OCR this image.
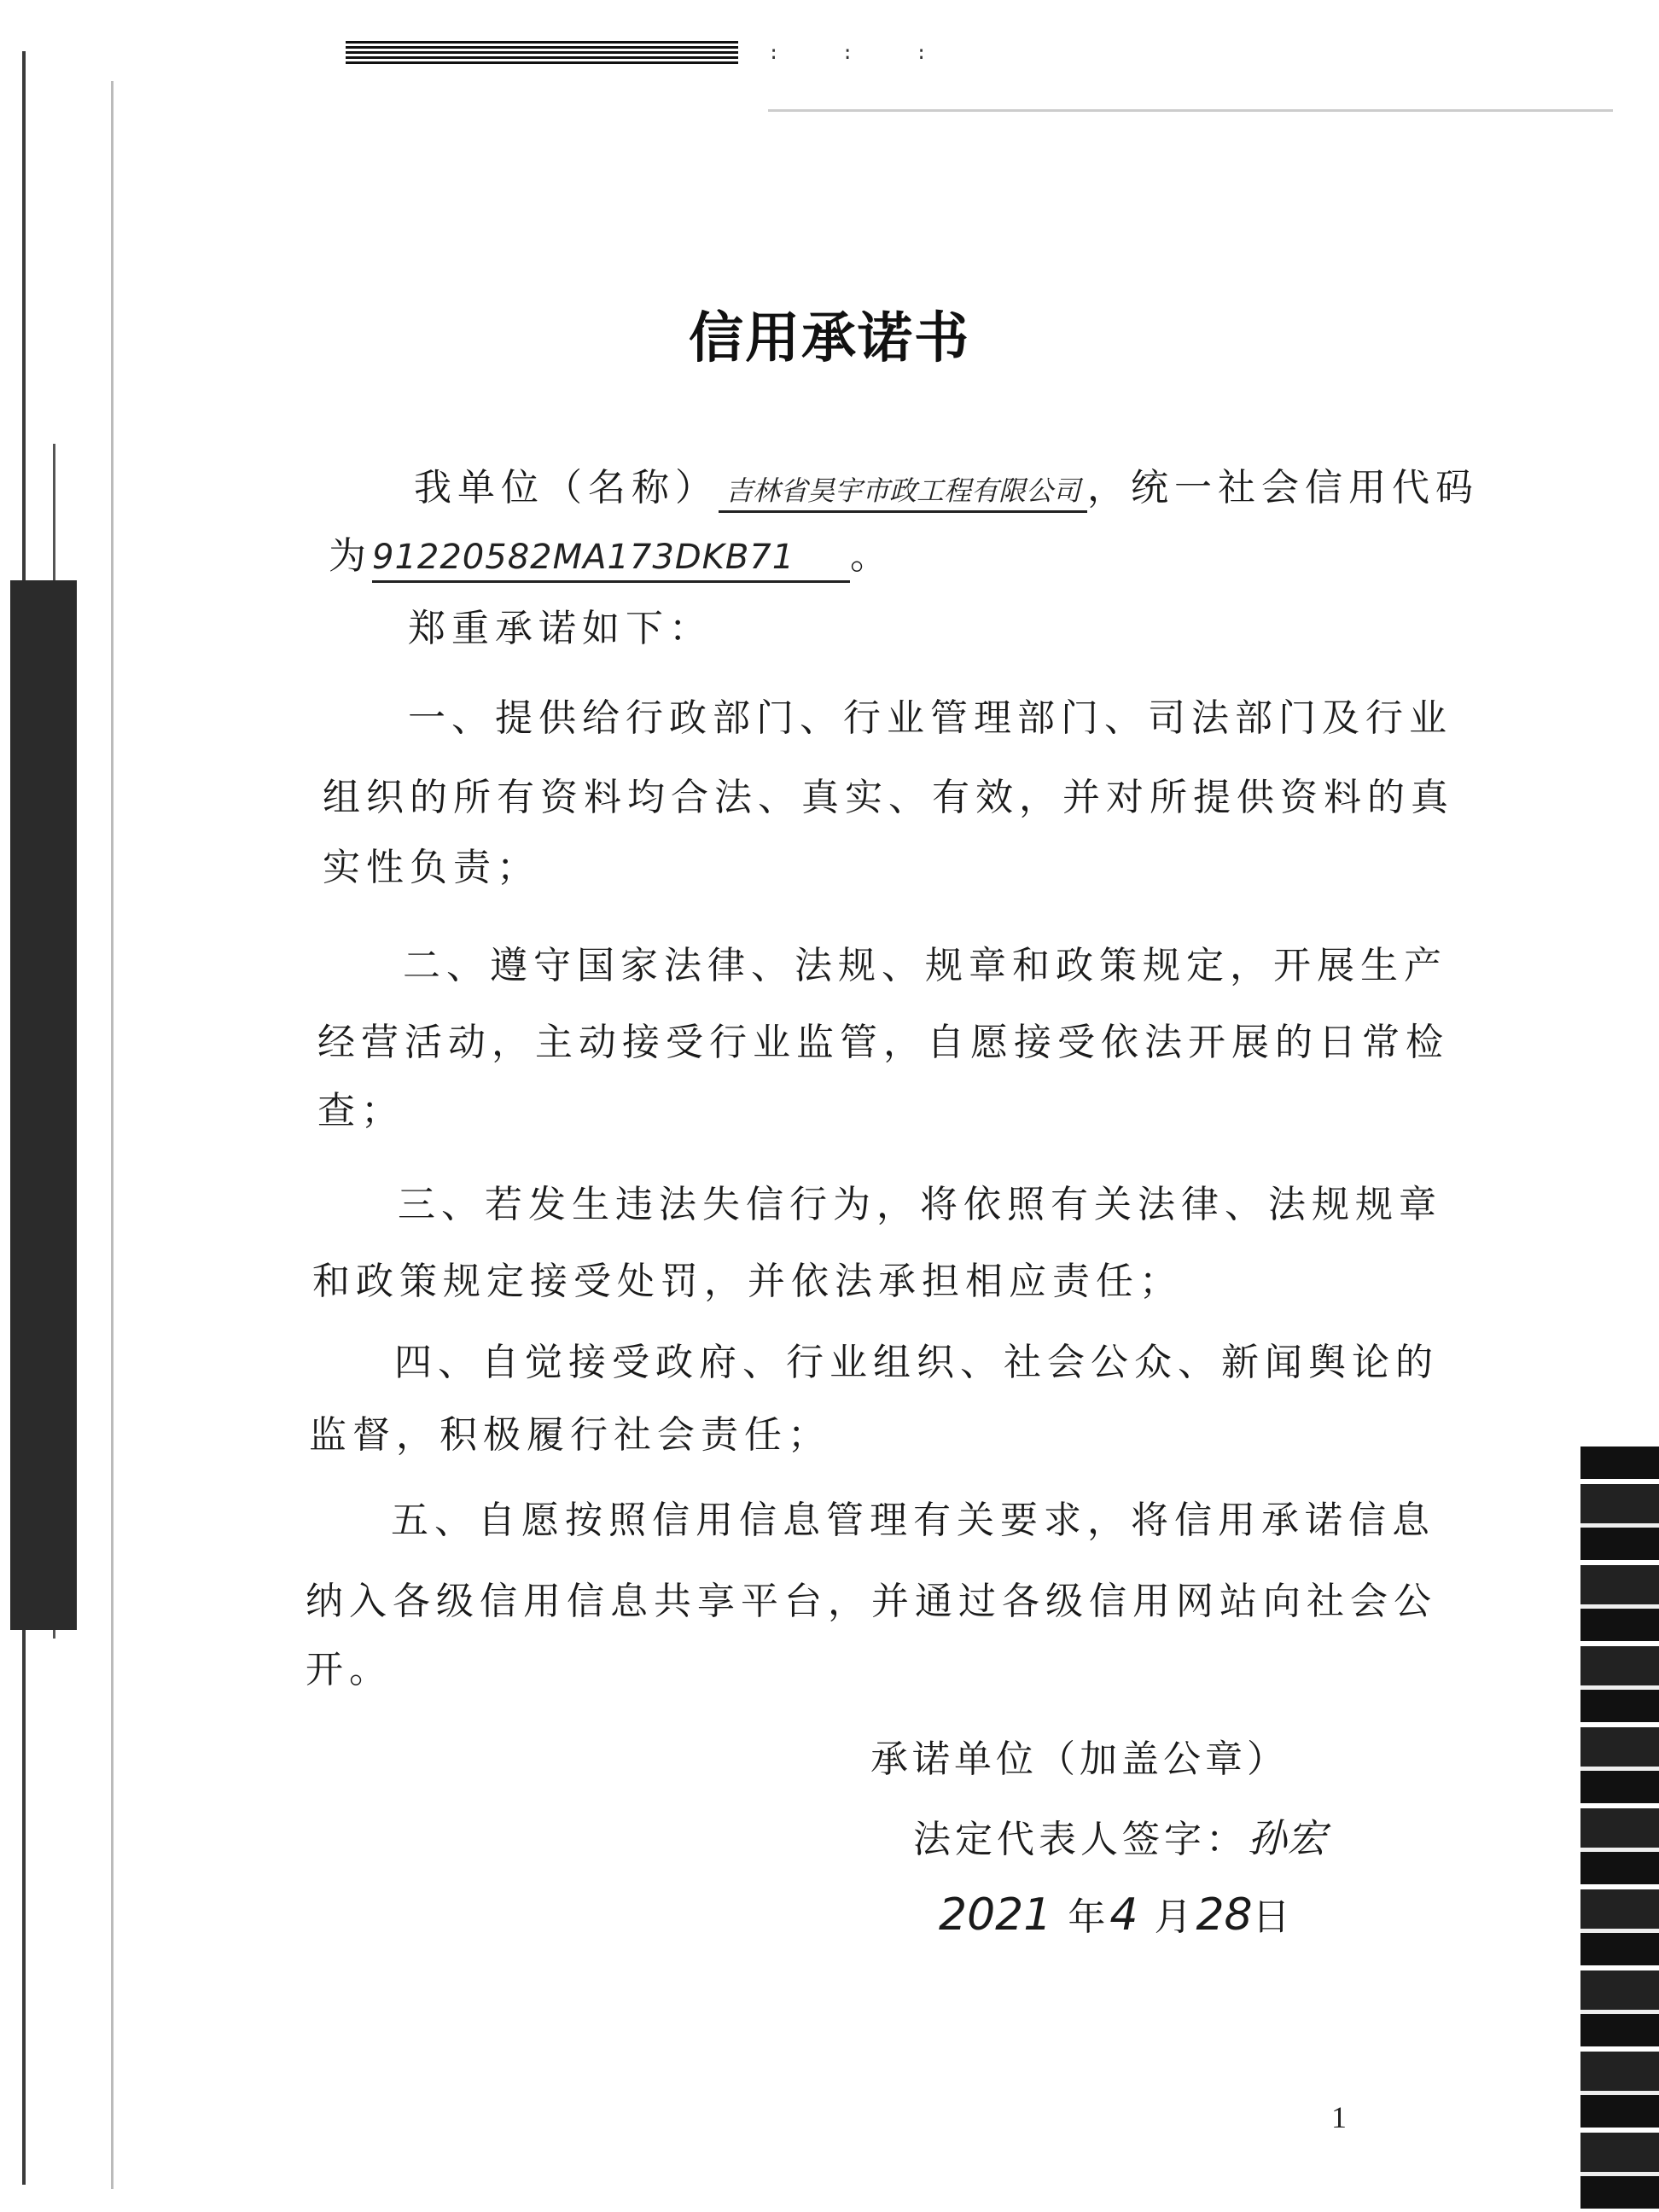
: : :
信用承诺书
我单位（名称） 吉林省昊宇市政工程有限公司 ，统一社会信用代码
为91220582MA173DKB71 。
郑重承诺如下：
一、提供给行政部门、行业管理部门、司法部门及行业
组织的所有资料均合法、真实、有效，并对所提供资料的真
实性负责；
二、遵守国家法律、法规、规章和政策规定，开展生产
经营活动，主动接受行业监管，自愿接受依法开展的日常检
查；
三、若发生违法失信行为，将依照有关法律、法规规章
和政策规定接受处罚，并依法承担相应责任；
四、自觉接受政府、行业组织、社会公众、新闻舆论的
监督，积极履行社会责任；
五、自愿按照信用信息管理有关要求，将信用承诺信息
纳入各级信用信息共享平台，并通过各级信用网站向社会公
开。
承诺单位（加盖公章）
法定代表人签字：孙宏
2021 年4 月28日
1
